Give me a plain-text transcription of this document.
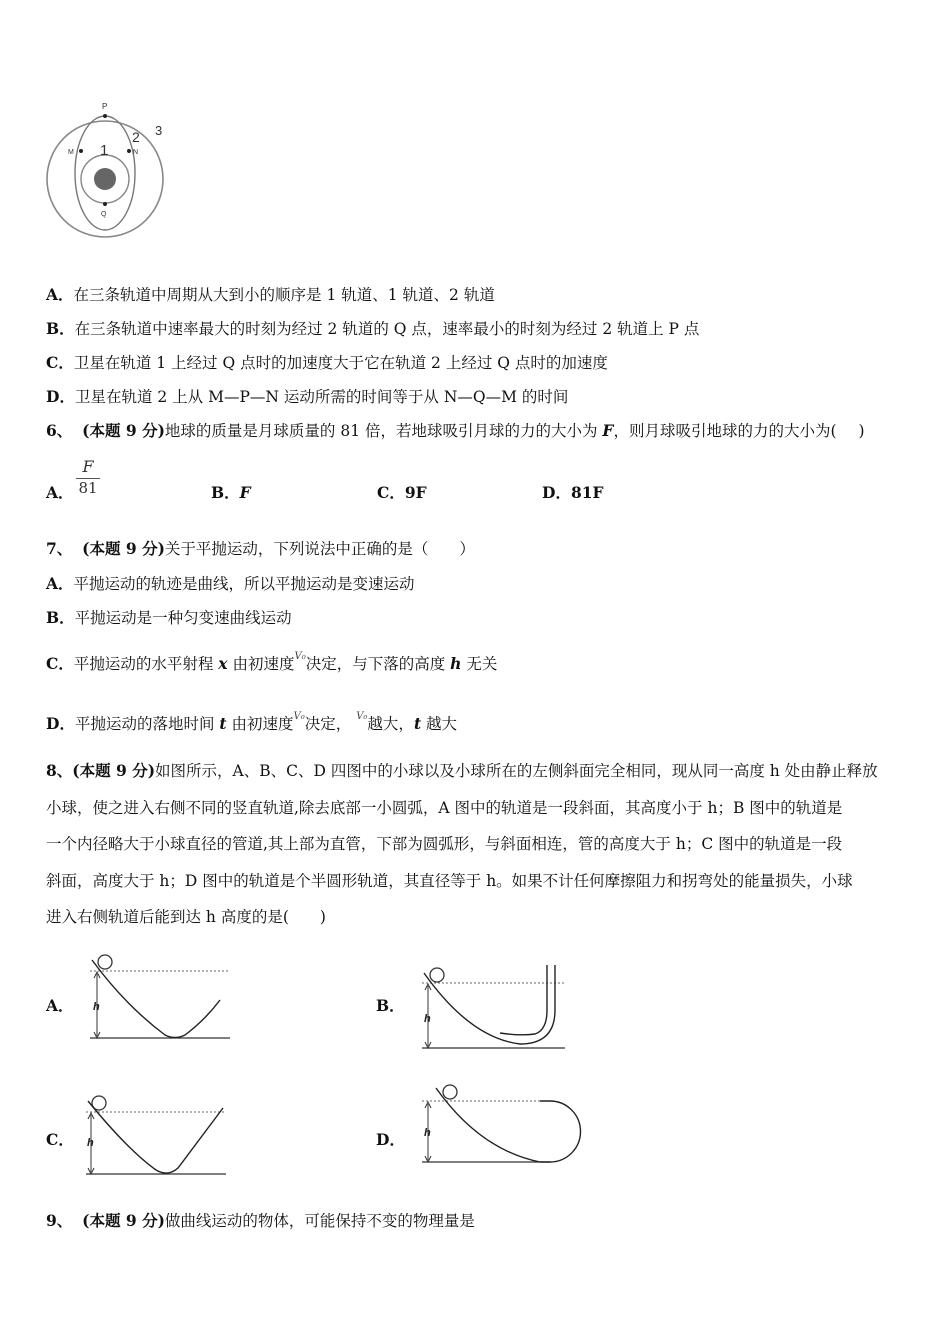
P
M	N
Q
1
2 3
A．在三条轨道中周期从大到小的顺序是 1 轨道、1 轨道、2 轨道
B．在三条轨道中速率最大的时刻为经过 2 轨道的 Q 点，速率最小的时刻为经过 2 轨道上 P 点
C．卫星在轨道 1 上经过 Q 点时的加速度大于它在轨道 2 上经过 Q 点时的加速度
D．卫星在轨道 2 上从 M—P—N 运动所需的时间等于从 N—Q—M 的时间
6、 (本题 9 分)地球的质量是月球质量的 81 倍，若地球吸引月球的力的大小为 F，则月球吸引地球的力的大小为( )
A．
F
81	B．F	C．9F	D．81F
7、 (本题 9 分)关于平抛运动，下列说法中正确的是（　　）
A．平抛运动的轨迹是曲线，所以平抛运动是变速运动
B．平抛运动是一种匀变速曲线运动
C．平抛运动的水平射程 x 由初速度$^{V_0}$决定，与下落的高度 h 无关
D．平抛运动的落地时间 t 由初速度$^{V_0}$决定， $^{V_0}$越大，t 越大
8、(本题 9 分)如图所示，A、B、C、D 四图中的小球以及小球所在的左侧斜面完全相同，现从同一高度 h 处由静止释放
小球，使之进入右侧不同的竖直轨道,除去底部一小圆弧，A 图中的轨道是一段斜面，其高度小于 h；B 图中的轨道是
一个内径略大于小球直径的管道,其上部为直管，下部为圆弧形，与斜面相连，管的高度大于 h；C 图中的轨道是一段
斜面，高度大于 h；D 图中的轨道是个半圆形轨道，其直径等于 h。如果不计任何摩擦阻力和拐弯处的能量损失，小球
进入右侧轨道后能到达 h 高度的是(　　)
A．	B．
C．	D．
h
h
h
h
9、 (本题 9 分)做曲线运动的物体，可能保持不变的物理量是
